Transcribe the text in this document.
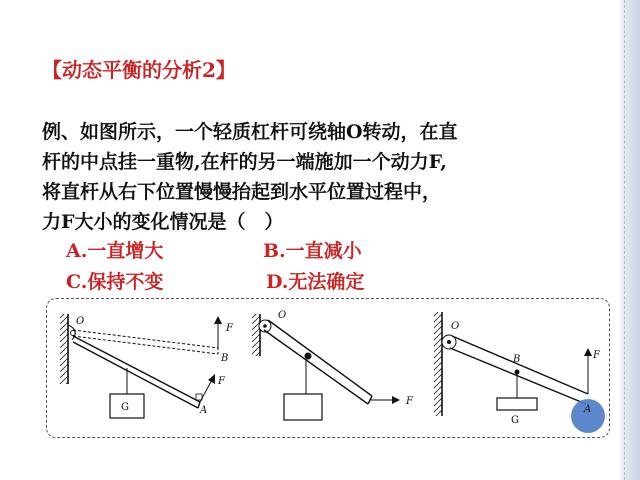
【动态平衡的分析2】
例、如图所示，一个轻质杠杆可绕轴O转动，在直
杆的中点挂一重物,在杆的另一端施加一个动力F,
将直杆从右下位置慢慢抬起到水平位置过程中，
力F大小的变化情况是（　）
A.一直增大	B.一直减小
C.保持不变	D.无法确定
O
F
B
F
A
G
O
F
O
B	F
A
G
